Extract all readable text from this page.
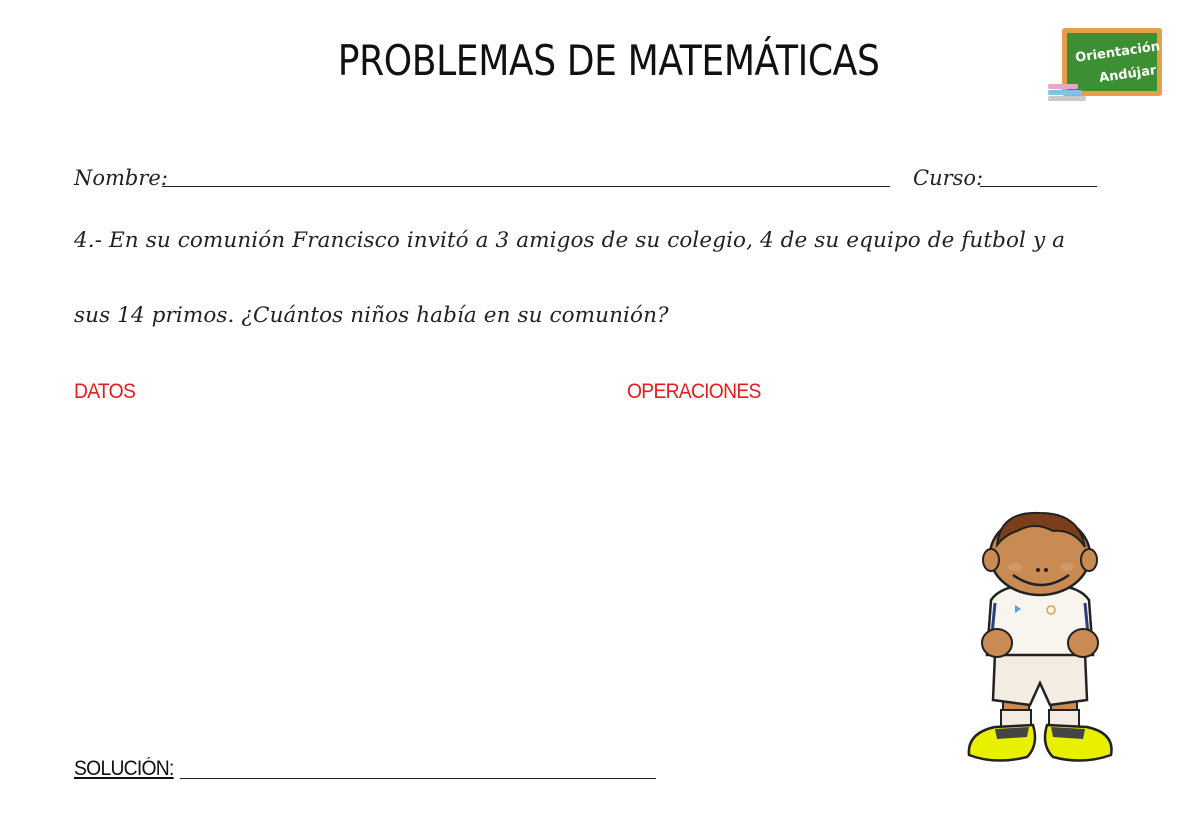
PROBLEMAS DE MATEMÁTICAS	Orientación
Andújar
Nombre:	Curso:
4.- En su comunión Francisco invitó a 3 amigos de su colegio, 4 de su equipo de futbol y a
sus 14 primos. ¿Cuántos niños había en su comunión?
DATOS	OPERACIONES
SOLUCIÓN:
